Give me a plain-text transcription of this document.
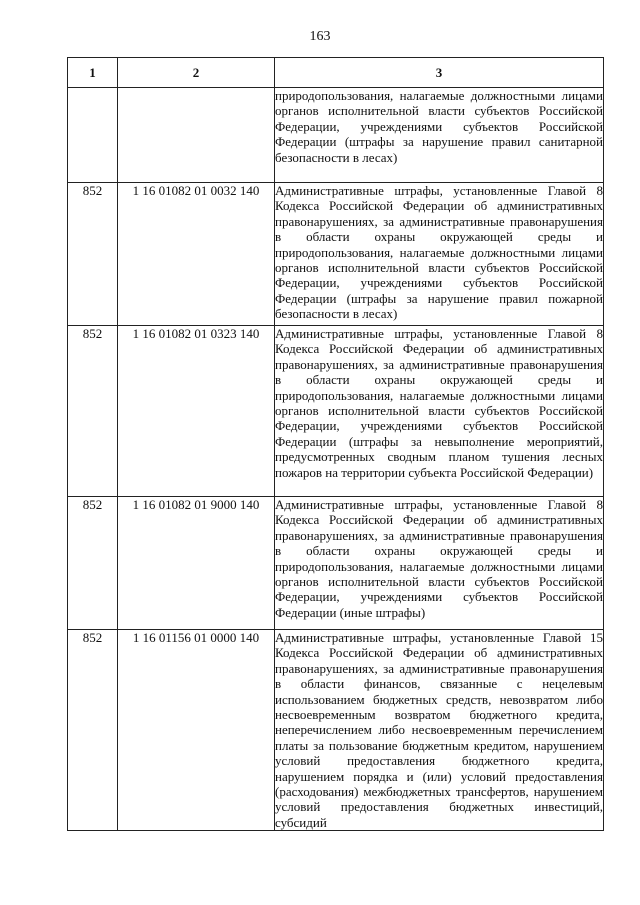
163
1	2	3

		природопользования, налагаемые должностными лицами органов исполнительной власти субъектов Российской Федерации, учреждениями субъектов Российской Федерации (штрафы за нарушение правил санитарной безопасности в лесах)

852	1 16 01082 01 0032 140	Административные штрафы, установленные Главой 8 Кодекса Российской Федерации об административных правонарушениях, за административные правонарушения в области охраны окружающей среды и природопользования, налагаемые должностными лицами органов исполнительной власти субъектов Российской Федерации, учреждениями субъектов Российской Федерации (штрафы за нарушение правил пожарной безопасности в лесах)

852	1 16 01082 01 0323 140	Административные штрафы, установленные Главой 8 Кодекса Российской Федерации об административных правонарушениях, за административные правонарушения в области охраны окружающей среды и природопользования, налагаемые должностными лицами органов исполнительной власти субъектов Российской Федерации, учреждениями субъектов Российской Федерации (штрафы за невыполнение мероприятий, предусмотренных сводным планом тушения лесных пожаров на территории субъекта Российской Федерации)

852	1 16 01082 01 9000 140	Административные штрафы, установленные Главой 8 Кодекса Российской Федерации об административных правонарушениях, за административные правонарушения в области охраны окружающей среды и природопользования, налагаемые должностными лицами органов исполнительной власти субъектов Российской Федерации, учреждениями субъектов Российской Федерации (иные штрафы)

852	1 16 01156 01 0000 140	Административные штрафы, установленные Главой 15 Кодекса Российской Федерации об административных правонарушениях, за административные правонарушения в области финансов, связанные с нецелевым использованием бюджетных средств, невозвратом либо несвоевременным возвратом бюджетного кредита, неперечислением либо несвоевременным перечислением платы за пользование бюджетным кредитом, нарушением условий предоставления бюджетного кредита, нарушением порядка и (или) условий предоставления (расходования) межбюджетных трансфертов, нарушением условий предоставления бюджетных инвестиций, субсидий
